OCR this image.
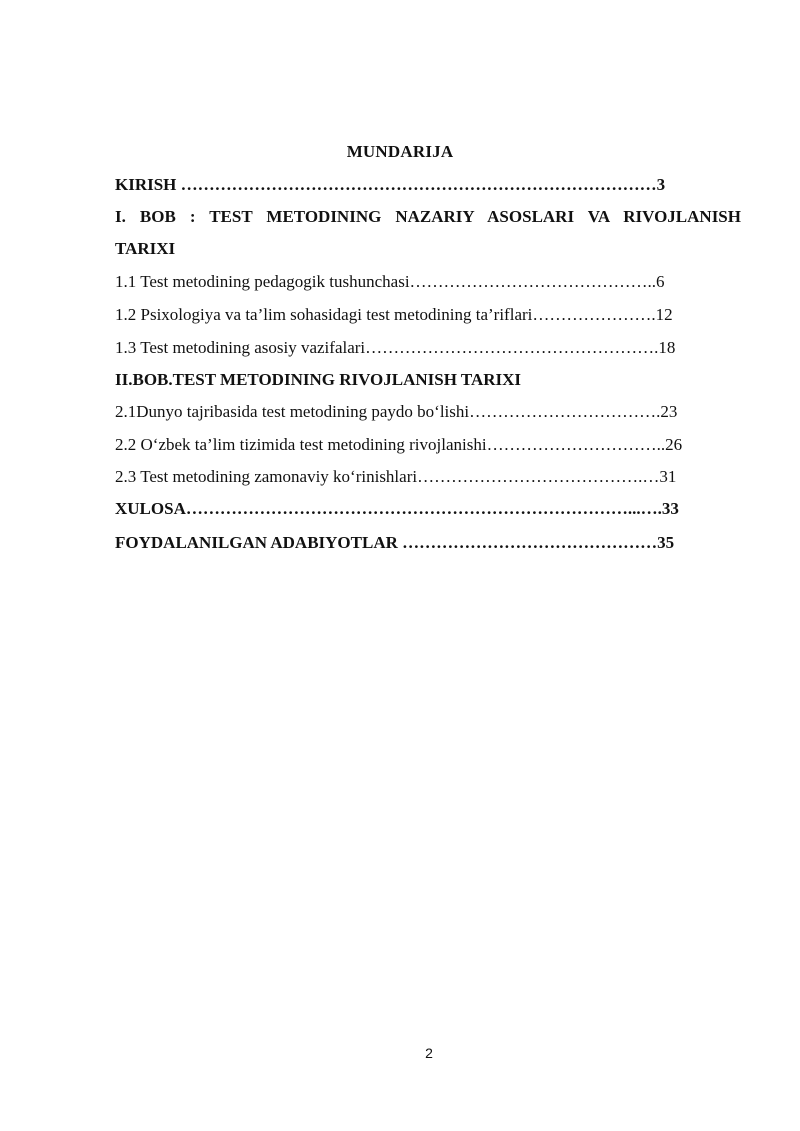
MUNDARIJA
KIRISH …………………………………………………………………………3
I. BOB : TEST METODINING NAZARIY ASOSLARI VA RIVOJLANISH
TARIXI
1.1 Test metodining pedagogik tushunchasi……………………………………..6
1.2 Psixologiya va ta’lim sohasidagi test metodining ta’riflari………………….12
1.3 Test metodining asosiy vazifalari…………………………………………….18
II.BOB.TEST METODINING RIVOJLANISH TARIXI
2.1Dunyo tajribasida test metodining paydo bo‘lishi…………………………….23
2.2 O‘zbek ta’lim tizimida test metodining rivojlanishi…………………………..26
2.3 Test metodining zamonaviy ko‘rinishlari………………………………….…31
XULOSA……………………………………………………………………...….33
FOYDALANILGAN ADABIYOTLAR ………………………………………35
2
